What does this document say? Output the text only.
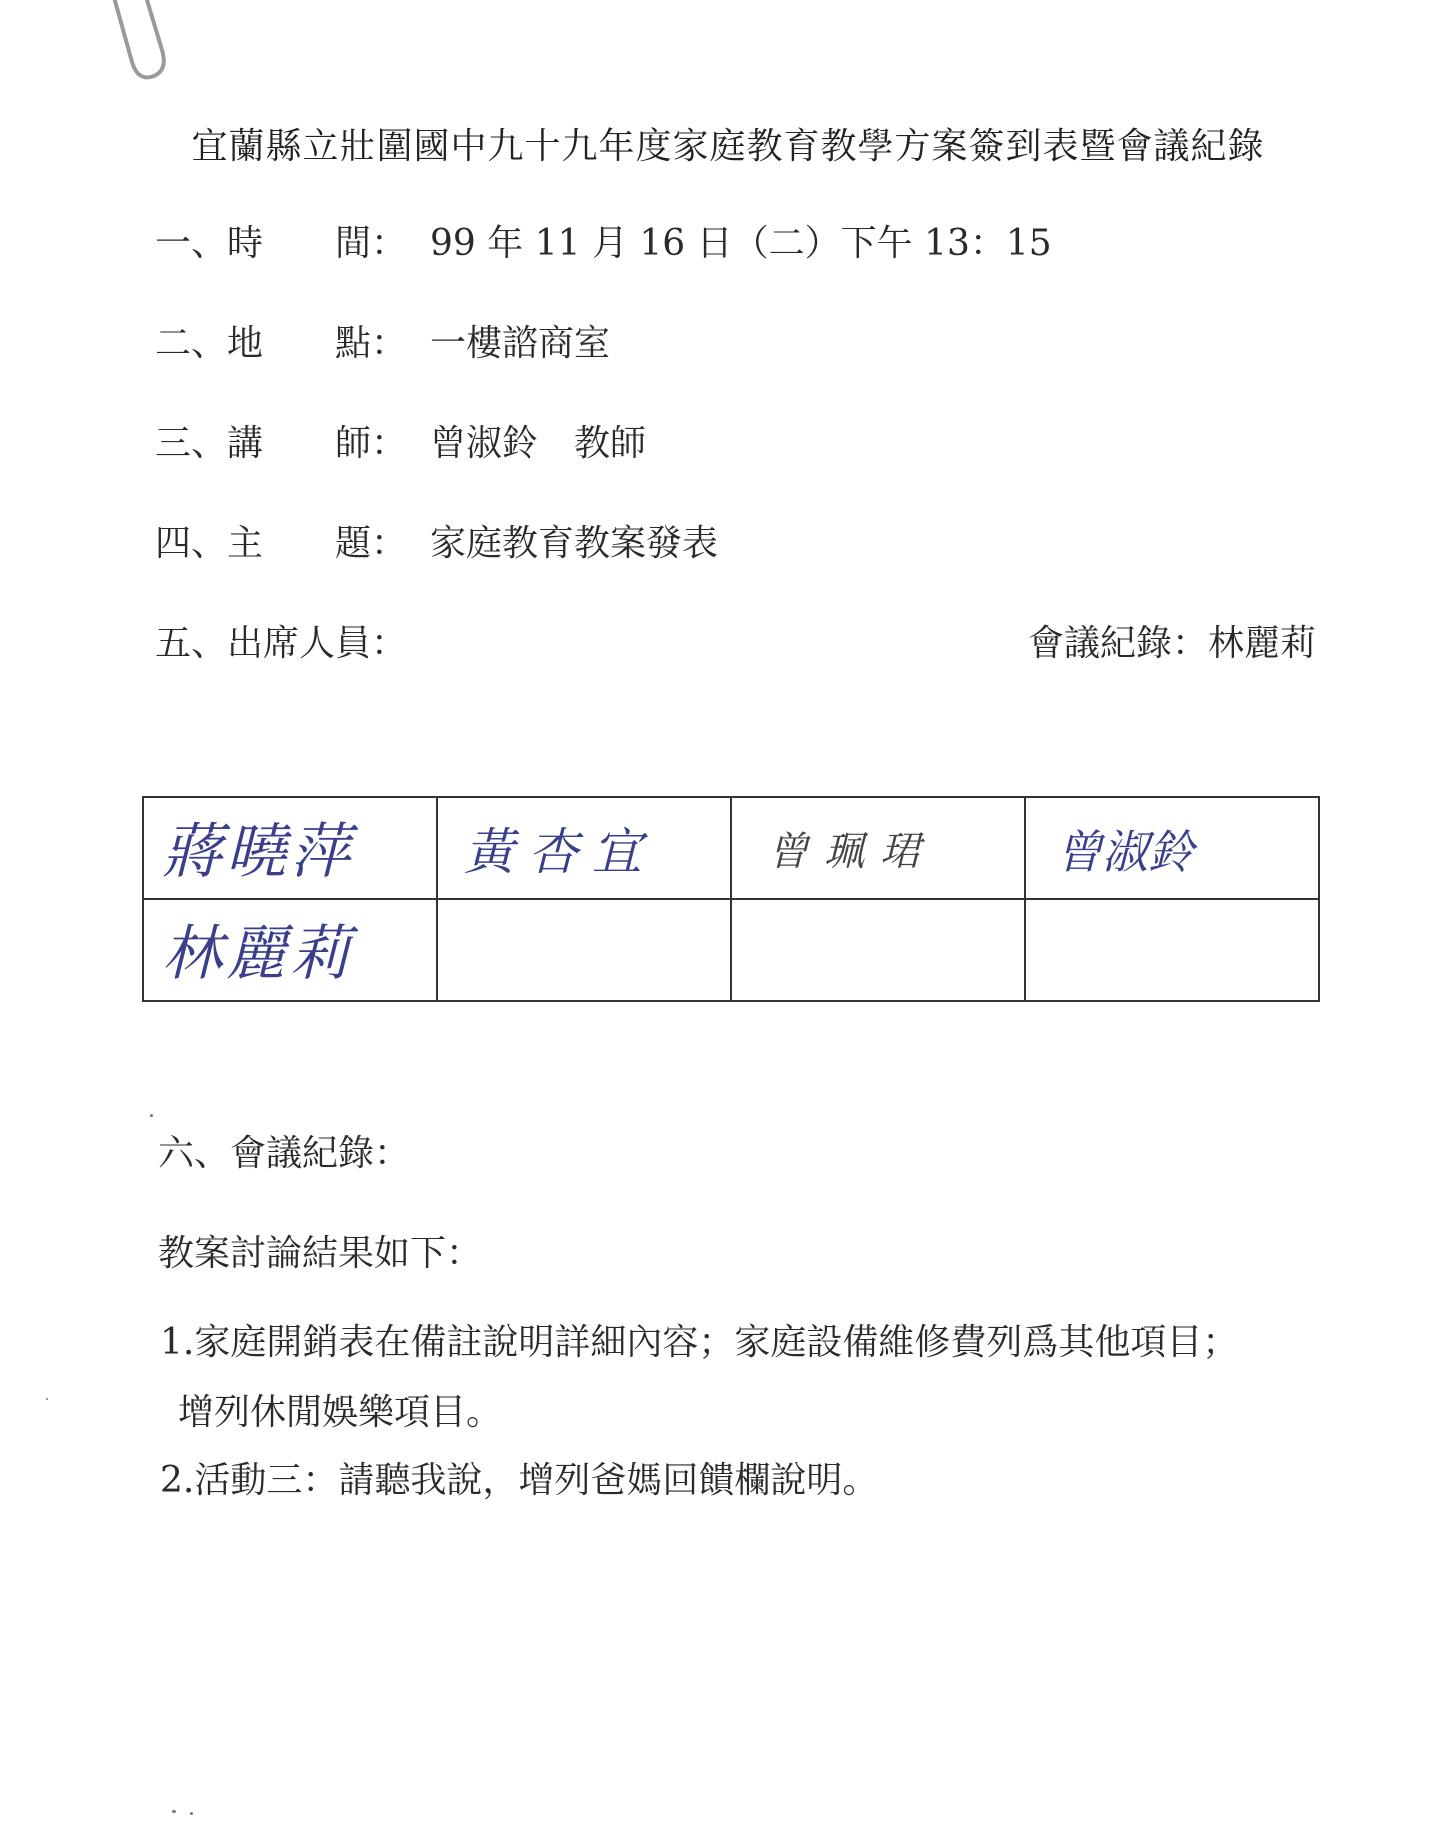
宜蘭縣立壯圍國中九十九年度家庭教育教學方案簽到表暨會議紀錄
一、時　　間： 99 年 11 月 16 日（二）下午 13：15
二、地　　點： 一樓諮商室
三、講　　師： 曾淑鈴　教師
四、主　　題： 家庭教育教案發表
五、出席人員：	會議紀錄：林麗莉
蔣曉萍	黃杏宜	曾珮珺	曾淑鈴

林麗莉			

六、會議紀錄：
教案討論結果如下：
1.家庭開銷表在備註說明詳細內容；家庭設備維修費列爲其他項目；
增列休閒娛樂項目。
2.活動三：請聽我說，增列爸媽回饋欄說明。
